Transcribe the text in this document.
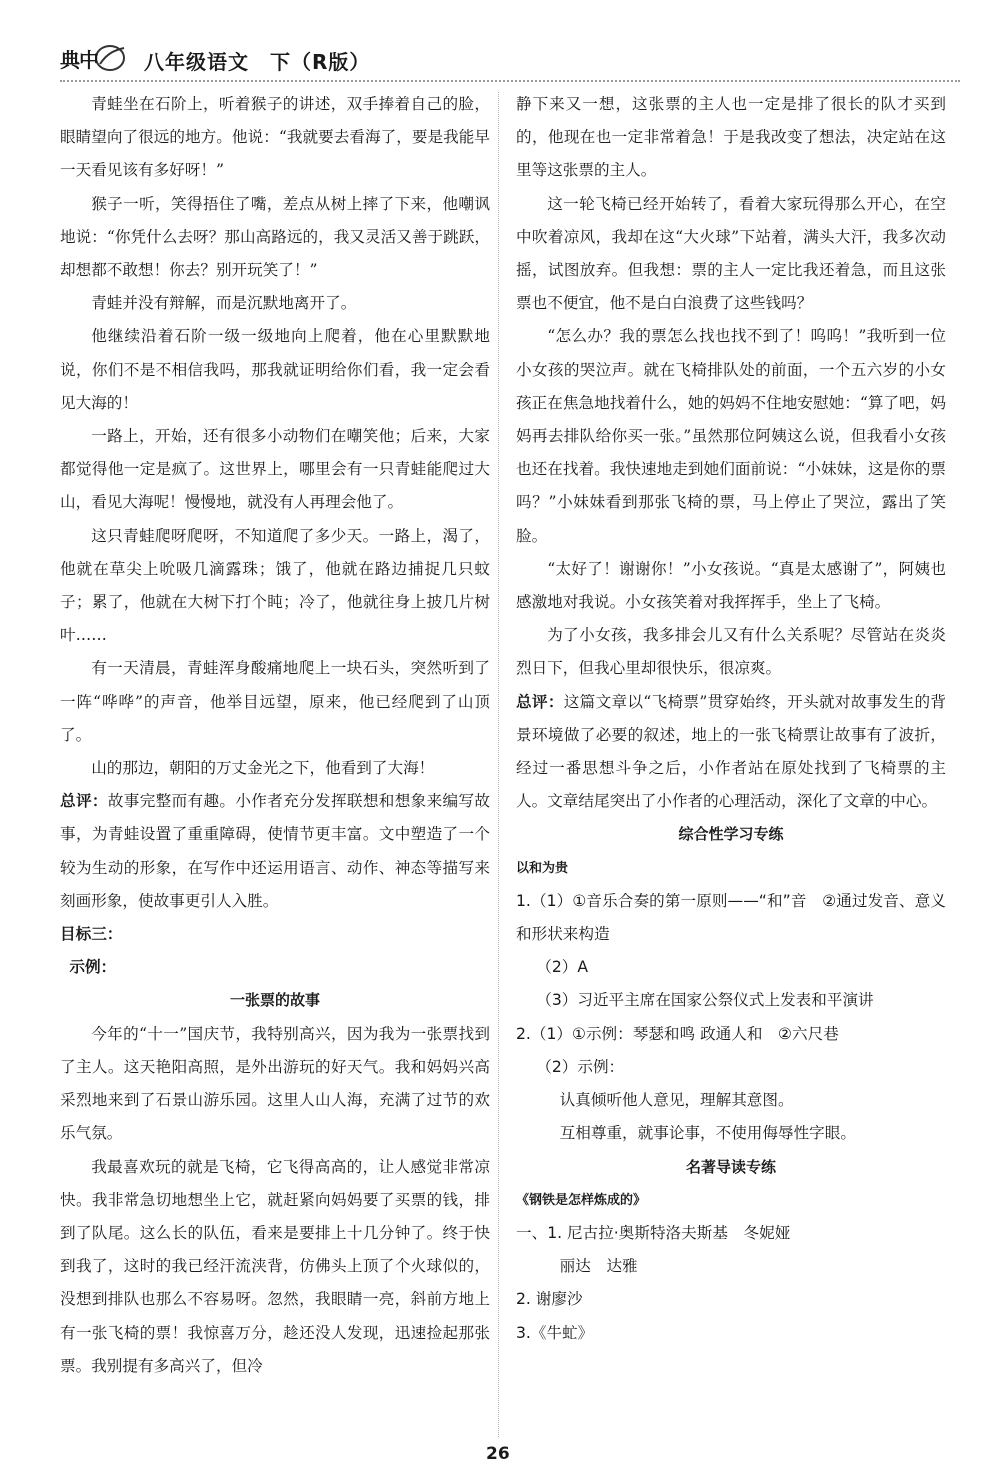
典中 八年级语文　下（R版）

青蛙坐在石阶上，听着猴子的讲述，双手捧着自己的脸，眼睛望向了很远的地方。他说：“我就要去看海了，要是我能早一天看见该有多好呀！”

猴子一听，笑得捂住了嘴，差点从树上摔了下来，他嘲讽地说：“你凭什么去呀？那山高路远的，我又灵活又善于跳跃，却想都不敢想！你去？别开玩笑了！”

青蛙并没有辩解，而是沉默地离开了。

他继续沿着石阶一级一级地向上爬着，他在心里默默地说，你们不是不相信我吗，那我就证明给你们看，我一定会看见大海的！

一路上，开始，还有很多小动物们在嘲笑他；后来，大家都觉得他一定是疯了。这世界上，哪里会有一只青蛙能爬过大山，看见大海呢！慢慢地，就没有人再理会他了。

这只青蛙爬呀爬呀，不知道爬了多少天。一路上，渴了，他就在草尖上吮吸几滴露珠；饿了，他就在路边捕捉几只蚊子；累了，他就在大树下打个盹；冷了，他就往身上披几片树叶……

有一天清晨，青蛙浑身酸痛地爬上一块石头，突然听到了一阵“哗哗”的声音，他举目远望，原来，他已经爬到了山顶了。

山的那边，朝阳的万丈金光之下，他看到了大海！

总评：故事完整而有趣。小作者充分发挥联想和想象来编写故事，为青蛙设置了重重障碍，使情节更丰富。文中塑造了一个较为生动的形象，在写作中还运用语言、动作、神态等描写来刻画形象，使故事更引人入胜。

目标三：

示例：

一张票的故事

今年的“十一”国庆节，我特别高兴，因为我为一张票找到了主人。这天艳阳高照，是外出游玩的好天气。我和妈妈兴高采烈地来到了石景山游乐园。这里人山人海，充满了过节的欢乐气氛。

我最喜欢玩的就是飞椅，它飞得高高的，让人感觉非常凉快。我非常急切地想坐上它，就赶紧向妈妈要了买票的钱，排到了队尾。这么长的队伍，看来是要排上十几分钟了。终于快到我了，这时的我已经汗流浃背，仿佛头上顶了个火球似的，没想到排队也那么不容易呀。忽然，我眼睛一亮，斜前方地上有一张飞椅的票！我惊喜万分，趁还没人发现，迅速捡起那张票。我别提有多高兴了，但冷

静下来又一想，这张票的主人也一定是排了很长的队才买到的，他现在也一定非常着急！于是我改变了想法，决定站在这里等这张票的主人。

这一轮飞椅已经开始转了，看着大家玩得那么开心，在空中吹着凉风，我却在这“大火球”下站着，满头大汗，我多次动摇，试图放弃。但我想：票的主人一定比我还着急，而且这张票也不便宜，他不是白白浪费了这些钱吗？

“怎么办？我的票怎么找也找不到了！呜呜！”我听到一位小女孩的哭泣声。就在飞椅排队处的前面，一个五六岁的小女孩正在焦急地找着什么，她的妈妈不住地安慰她：“算了吧，妈妈再去排队给你买一张。”虽然那位阿姨这么说，但我看小女孩也还在找着。我快速地走到她们面前说：“小妹妹，这是你的票吗？”小妹妹看到那张飞椅的票，马上停止了哭泣，露出了笑脸。

“太好了！谢谢你！”小女孩说。“真是太感谢了”，阿姨也感激地对我说。小女孩笑着对我挥挥手，坐上了飞椅。

为了小女孩，我多排会儿又有什么关系呢？尽管站在炎炎烈日下，但我心里却很快乐，很凉爽。

总评：这篇文章以“飞椅票”贯穿始终，开头就对故事发生的背景环境做了必要的叙述，地上的一张飞椅票让故事有了波折，经过一番思想斗争之后，小作者站在原处找到了飞椅票的主人。文章结尾突出了小作者的心理活动，深化了文章的中心。

综合性学习专练

以和为贵

1.（1）①音乐合奏的第一原则——“和”音　②通过发音、意义和形状来构造

（2）A

（3）习近平主席在国家公祭仪式上发表和平演讲

2.（1）①示例：琴瑟和鸣 政通人和　②六尺巷

（2）示例：

认真倾听他人意见，理解其意图。

互相尊重，就事论事，不使用侮辱性字眼。

名著导读专练

《钢铁是怎样炼成的》

一、1. 尼古拉·奥斯特洛夫斯基　冬妮娅

丽达　达雅

2. 谢廖沙

3.《牛虻》

26
